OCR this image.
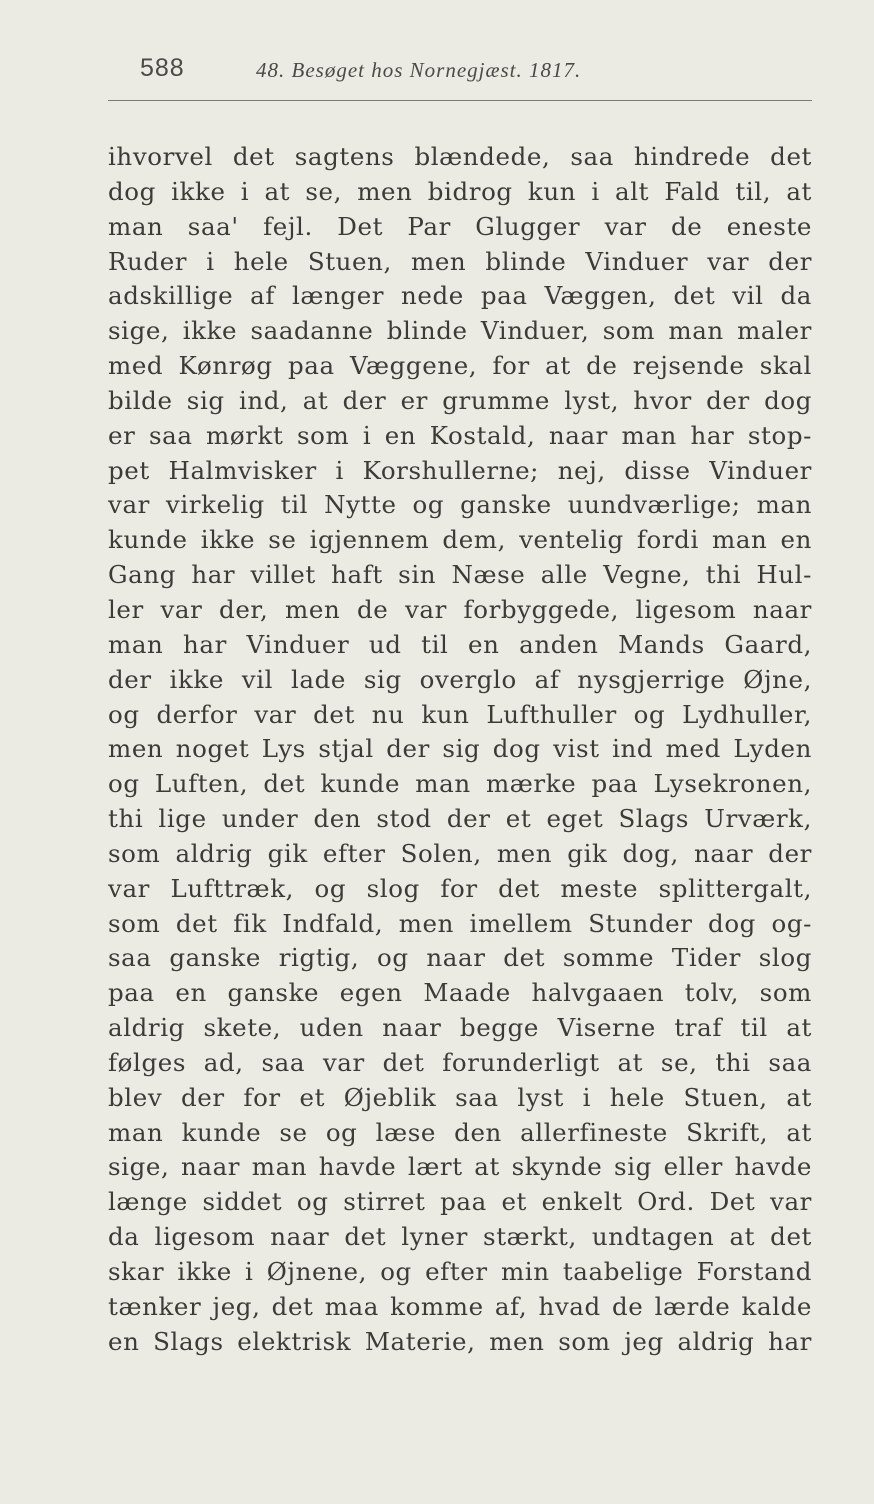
588	48. Besøget hos Nornegjæst. 1817.
ihvorvel det sagtens blændede, saa hindrede det
dog ikke i at se, men bidrog kun i alt Fald til, at
man saa' fejl. Det Par Glugger var de eneste
Ruder i hele Stuen, men blinde Vinduer var der
adskillige af længer nede paa Væggen, det vil da
sige, ikke saadanne blinde Vinduer, som man maler
med Kønrøg paa Væggene, for at de rejsende skal
bilde sig ind, at der er grumme lyst, hvor der dog
er saa mørkt som i en Kostald, naar man har stop-
pet Halmvisker i Korshullerne; nej, disse Vinduer
var virkelig til Nytte og ganske uundværlige; man
kunde ikke se igjennem dem, ventelig fordi man en
Gang har villet haft sin Næse alle Vegne, thi Hul-
ler var der, men de var forbyggede, ligesom naar
man har Vinduer ud til en anden Mands Gaard,
der ikke vil lade sig overglo af nysgjerrige Øjne,
og derfor var det nu kun Lufthuller og Lydhuller,
men noget Lys stjal der sig dog vist ind med Lyden
og Luften, det kunde man mærke paa Lysekronen,
thi lige under den stod der et eget Slags Urværk,
som aldrig gik efter Solen, men gik dog, naar der
var Lufttræk, og slog for det meste splittergalt,
som det fik Indfald, men imellem Stunder dog og-
saa ganske rigtig, og naar det somme Tider slog
paa en ganske egen Maade halvgaaen tolv, som
aldrig skete, uden naar begge Viserne traf til at
følges ad, saa var det forunderligt at se, thi saa
blev der for et Øjeblik saa lyst i hele Stuen, at
man kunde se og læse den allerfineste Skrift, at
sige, naar man havde lært at skynde sig eller havde
længe siddet og stirret paa et enkelt Ord. Det var
da ligesom naar det lyner stærkt, undtagen at det
skar ikke i Øjnene, og efter min taabelige Forstand
tænker jeg, det maa komme af, hvad de lærde kalde
en Slags elektrisk Materie, men som jeg aldrig har
